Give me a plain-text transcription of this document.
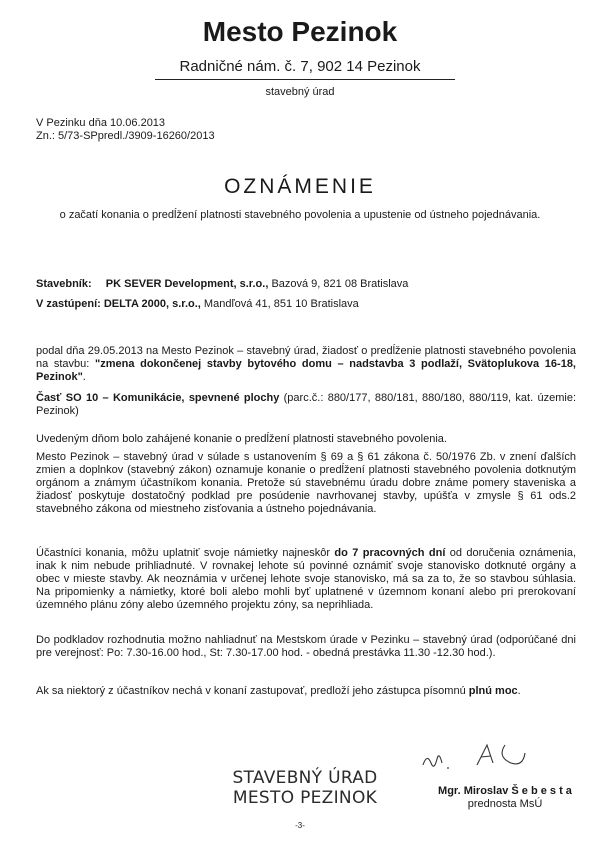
Mesto Pezinok
Radničné nám. č. 7, 902 14 Pezinok
stavebný úrad
V Pezinku dňa 10.06.2013
Zn.: 5/73-SPpredl./3909-16260/2013
OZNÁMENIE
o začatí konania o predĺžení platnosti stavebného povolenia a upustenie od ústneho pojednávania.
Stavebník: PK SEVER Development, s.r.o., Bazová 9, 821 08 Bratislava
V zastúpení: DELTA 2000, s.r.o., Mandľová 41, 851 10 Bratislava

podal dňa 29.05.2013 na Mesto Pezinok – stavebný úrad, žiadosť o predĺženie platnosti stavebného povolenia na stavbu: "zmena dokončenej stavby bytového domu – nadstavba 3 podlaží, Svätoplukova 16-18, Pezinok".

Časť SO 10 – Komunikácie, spevnené plochy (parc.č.: 880/177, 880/181, 880/180, 880/119, kat. územie: Pezinok)

Uvedeným dňom bolo zahájené konanie o predĺžení platnosti stavebného povolenia.

Mesto Pezinok – stavebný úrad v súlade s ustanovením § 69 a § 61 zákona č. 50/1976 Zb. v znení ďalších zmien a doplnkov (stavebný zákon) oznamuje konanie o predĺžení platnosti stavebného povolenia dotknutým orgánom a známym účastníkom konania. Pretože sú stavebnému úradu dobre známe pomery staveniska a žiadosť poskytuje dostatočný podklad pre posúdenie navrhovanej stavby, upúšťa v zmysle § 61 ods.2 stavebného zákona od miestneho zisťovania a ústneho pojednávania.

Účastníci konania, môžu uplatniť svoje námietky najneskôr do 7 pracovných dní od doručenia oznámenia, inak k nim nebude prihliadnuté. V rovnakej lehote sú povinné oznámiť svoje stanovisko dotknuté orgány a obec v mieste stavby. Ak neoznámia v určenej lehote svoje stanovisko, má sa za to, že so stavbou súhlasia. Na pripomienky a námietky, ktoré boli alebo mohli byť uplatnené v územnom konaní alebo pri prerokovaní územného plánu zóny alebo územného projektu zóny, sa neprihliada.

Do podkladov rozhodnutia možno nahliadnuť na Mestskom úrade v Pezinku – stavebný úrad (odporúčané dni pre verejnosť: Po: 7.30-16.00 hod., St: 7.30-17.00 hod. - obedná prestávka 11.30 -12.30 hod.).

Ak sa niektorý z účastníkov nechá v konaní zastupovať, predloží jeho zástupca písomnú plnú moc.

STAVEBNÝ ÚRAD
MESTO PEZINOK	Mgr. Miroslav Š e b e s t a
prednosta MsÚ
-3-
